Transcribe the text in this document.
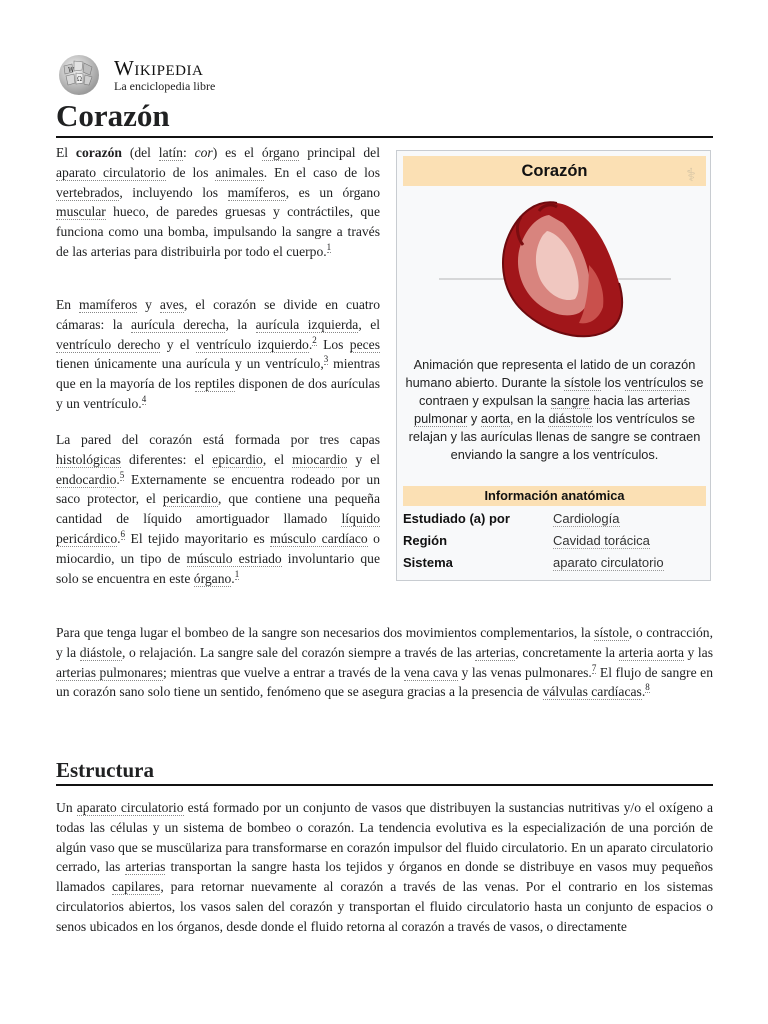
W
Ω Wikipedia
La enciclopedia libre
Corazón

El corazón (del latín: cor) es el órgano principal del aparato circulatorio de los animales. En el caso de los vertebrados, incluyendo los mamíferos, es un órgano muscular hueco, de paredes gruesas y contráctiles, que funciona como una bomba, impulsando la sangre a través de las arterias para distribuirla por todo el cuerpo.$^1$

En mamíferos y aves, el corazón se divide en cuatro cámaras: la aurícula derecha, la aurícula izquierda, el ventrículo derecho y el ventrículo izquierdo.$^2$ Los peces tienen únicamente una aurícula y un ventrículo,$^3$ mientras que en la mayoría de los reptiles disponen de dos aurículas y un ventrículo.$^4$

La pared del corazón está formada por tres capas histológicas diferentes: el epicardio, el miocardio y el endocardio.$^5$ Externamente se encuentra rodeado por un saco protector, el pericardio, que contiene una pequeña cantidad de líquido amortiguador llamado líquido pericárdico.$^6$ El tejido mayoritario es músculo cardíaco o miocardio, un tipo de músculo estriado involuntario que solo se encuentra en este órgano.$^1$

Para que tenga lugar el bombeo de la sangre son necesarios dos movimientos complementarios, la sístole, o contracción, y la diástole, o relajación. La sangre sale del corazón siempre a través de las arterias, concretamente la arteria aorta y las arterias pulmonares; mientras que vuelve a entrar a través de la vena cava y las venas pulmonares.$^7$ El flujo de sangre en un corazón sano solo tiene un sentido, fenómeno que se asegura gracias a la presencia de válvulas cardíacas.$^8$

Estructura

Un aparato circulatorio está formado por un conjunto de vasos que distribuyen la sustancias nutritivas y/o el oxígeno a todas las células y un sistema de bombeo o corazón. La tendencia evolutiva es la especialización de una porción de algún vaso que se muscülariza para transformarse en corazón impulsor del fluido circulatorio. En un aparato circulatorio cerrado, las arterias transportan la sangre hasta los tejidos y órganos en donde se distribuye en vasos muy pequeños llamados capilares, para retornar nuevamente al corazón a través de las venas. Por el contrario en los sistemas circulatorios abiertos, los vasos salen del corazón y transportan el fluido circulatorio hasta un conjunto de espacios o senos ubicados en los órganos, desde donde el fluido retorna al corazón a través de vasos, o directamente

Corazón	⚕
Animación que representa el latido de un corazón humano abierto. Durante la sístole los ventrículos se contraen y expulsan la sangre hacia las arterias pulmonar y aorta, en la diástole los ventrículos se relajan y las aurículas llenas de sangre se contraen enviando la sangre a los ventrículos.
Información anatómica
Estudiado (a) por	Cardiología
Región	Cavidad torácica
Sistema	aparato circulatorio
